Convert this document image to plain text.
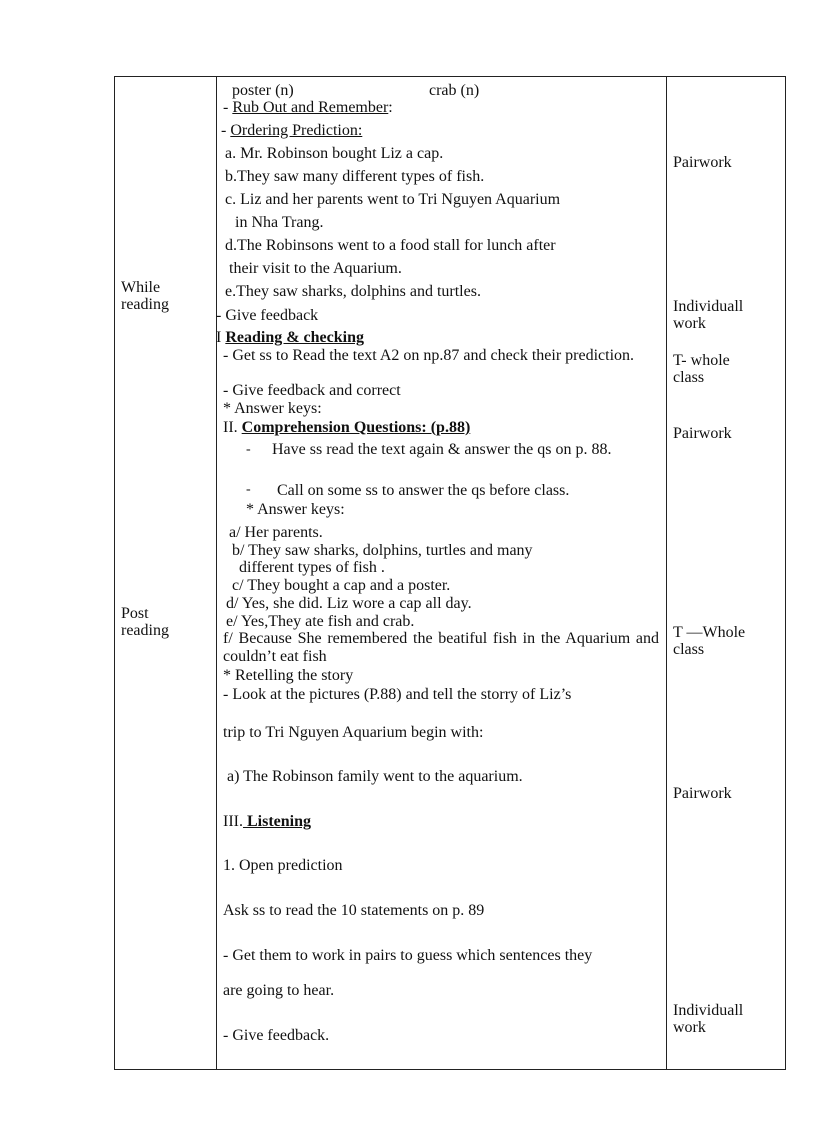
While
reading
Post
reading
Pairwork
Individuall
work
T- whole
class
Pairwork
T —Whole
class
Pairwork
Individuall
work
poster (n)	crab (n)
- Rub Out and Remember:
- Ordering Prediction:
a. Mr. Robinson bought Liz a cap.
b.They saw many different types of fish.
c. Liz and her parents went to Tri Nguyen Aquarium
in Nha Trang.
d.The Robinsons went to a food stall for lunch after
their visit to the Aquarium.
e.They saw sharks, dolphins and turtles.
- Give feedback
I Reading & checking
- Get ss to Read the text A2 on np.87 and check their prediction.
- Give feedback and correct
* Answer keys:
II. Comprehension Questions: (p.88)
- Have ss read the text again & answer the qs on p. 88.
- Call on some ss to answer the qs before class.
* Answer keys:
a/ Her parents.
b/ They saw sharks, dolphins, turtles and many
different types of fish .
c/ They bought a cap and a poster.
d/ Yes, she did. Liz wore a cap all day.
e/ Yes,They ate fish and crab.
f/ Because She remembered the beatiful fish in the Aquarium and couldn’t eat fish
* Retelling the story
- Look at the pictures (P.88) and tell the storry of Liz’s
trip to Tri Nguyen Aquarium begin with:
a) The Robinson family went to the aquarium.
III. Listening
1. Open prediction
Ask ss to read the 10 statements on p. 89
- Get them to work in pairs to guess which sentences they
are going to hear.
- Give feedback.
